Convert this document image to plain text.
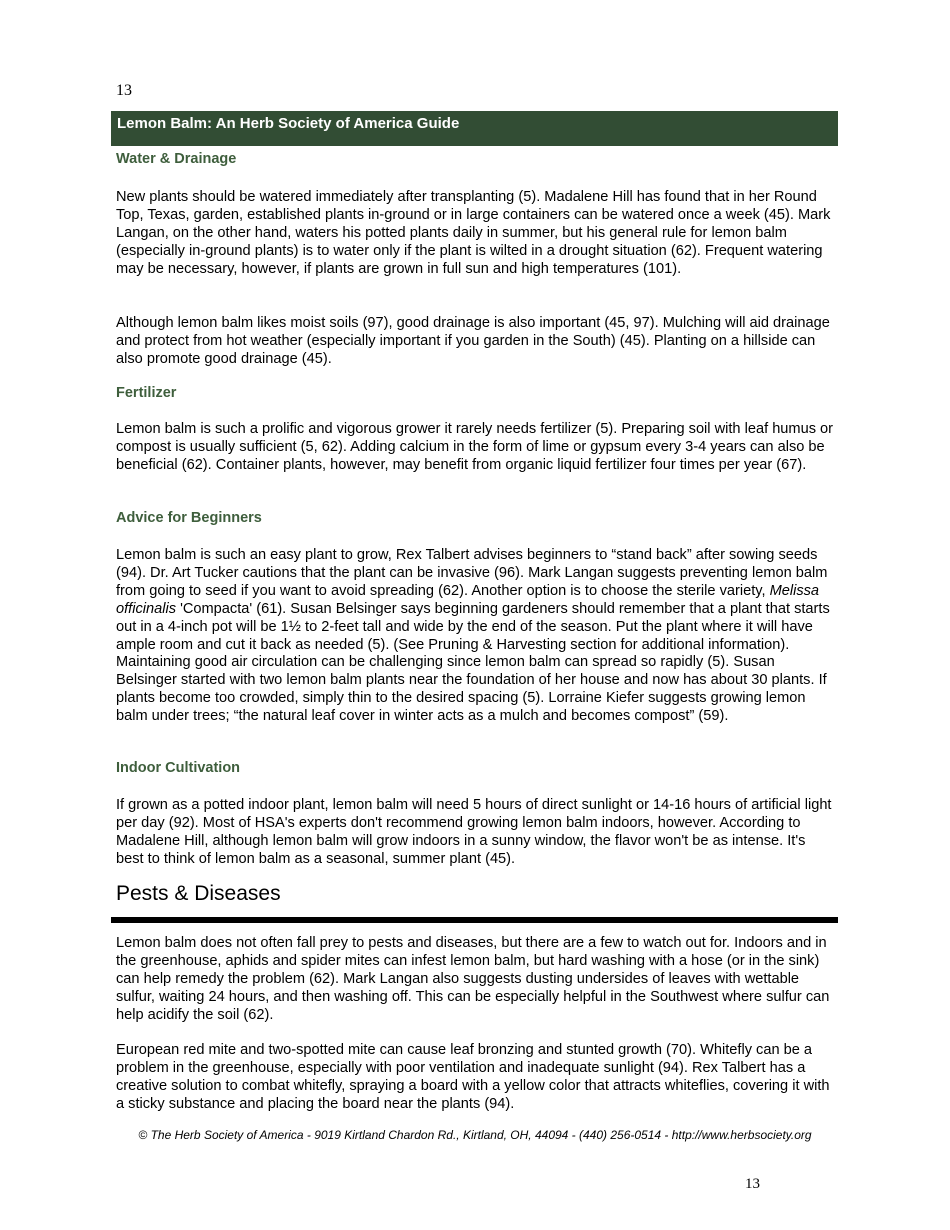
13
Lemon Balm: An Herb Society of America Guide
Water & Drainage

New plants should be watered immediately after transplanting (5). Madalene Hill has found that in her Round Top, Texas, garden, established plants in-ground or in large containers can be watered once a week (45). Mark Langan, on the other hand, waters his potted plants daily in summer, but his general rule for lemon balm (especially in-ground plants) is to water only if the plant is wilted in a drought situation (62). Frequent watering may be necessary, however, if plants are grown in full sun and high temperatures (101).

Although lemon balm likes moist soils (97), good drainage is also important (45, 97). Mulching will aid drainage and protect from hot weather (especially important if you garden in the South) (45). Planting on a hillside can also promote good drainage (45).

Fertilizer

Lemon balm is such a prolific and vigorous grower it rarely needs fertilizer (5). Preparing soil with leaf humus or compost is usually sufficient (5, 62). Adding calcium in the form of lime or gypsum every 3-4 years can also be beneficial (62). Container plants, however, may benefit from organic liquid fertilizer four times per year (67).

Advice for Beginners

Lemon balm is such an easy plant to grow, Rex Talbert advises beginners to “stand back” after sowing seeds (94). Dr. Art Tucker cautions that the plant can be invasive (96). Mark Langan suggests preventing lemon balm from going to seed if you want to avoid spreading (62). Another option is to choose the sterile variety, Melissa officinalis 'Compacta' (61). Susan Belsinger says beginning gardeners should remember that a plant that starts out in a 4-inch pot will be 1½ to 2-feet tall and wide by the end of the season. Put the plant where it will have ample room and cut it back as needed (5). (See Pruning & Harvesting section for additional information). Maintaining good air circulation can be challenging since lemon balm can spread so rapidly (5). Susan Belsinger started with two lemon balm plants near the foundation of her house and now has about 30 plants. If plants become too crowded, simply thin to the desired spacing (5). Lorraine Kiefer suggests growing lemon balm under trees; “the natural leaf cover in winter acts as a mulch and becomes compost” (59).

Indoor Cultivation

If grown as a potted indoor plant, lemon balm will need 5 hours of direct sunlight or 14-16 hours of artificial light per day (92). Most of HSA's experts don't recommend growing lemon balm indoors, however. According to Madalene Hill, although lemon balm will grow indoors in a sunny window, the flavor won't be as intense. It's best to think of lemon balm as a seasonal, summer plant (45).

Pests & Diseases

Lemon balm does not often fall prey to pests and diseases, but there are a few to watch out for. Indoors and in the greenhouse, aphids and spider mites can infest lemon balm, but hard washing with a hose (or in the sink) can help remedy the problem (62). Mark Langan also suggests dusting undersides of leaves with wettable sulfur, waiting 24 hours, and then washing off. This can be especially helpful in the Southwest where sulfur can help acidify the soil (62).

European red mite and two-spotted mite can cause leaf bronzing and stunted growth (70). Whitefly can be a problem in the greenhouse, especially with poor ventilation and inadequate sunlight (94). Rex Talbert has a creative solution to combat whitefly, spraying a board with a yellow color that attracts whiteflies, covering it with a sticky substance and placing the board near the plants (94).

© The Herb Society of America - 9019 Kirtland Chardon Rd., Kirtland, OH, 44094 - (440) 256-0514 - http://www.herbsociety.org
13
